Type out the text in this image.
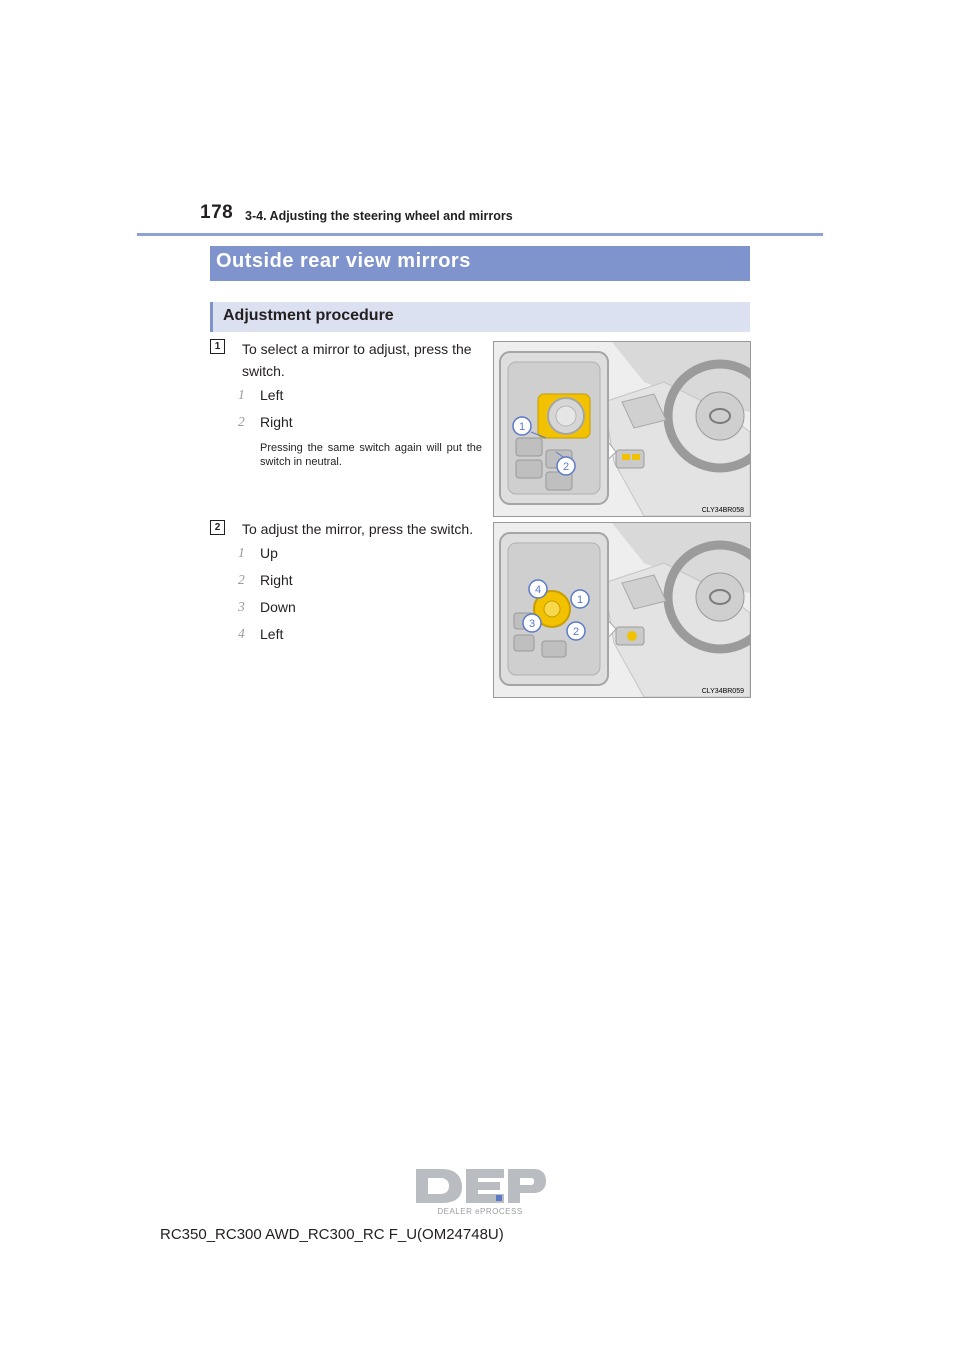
178 3-4. Adjusting the steering wheel and mirrors
Outside rear view mirrors
Adjustment procedure
1	To select a mirror to adjust, press the switch.
1 Left
2 Right
Pressing the same switch again will put the switch in neutral.
1
2
CLY34BR058
2	To adjust the mirror, press the switch.
1 Up
2 Right
3 Down
4 Left
4
1
3
2
CLY34BR059
DEALER ePROCESS
RC350_RC300 AWD_RC300_RC F_U(OM24748U)
